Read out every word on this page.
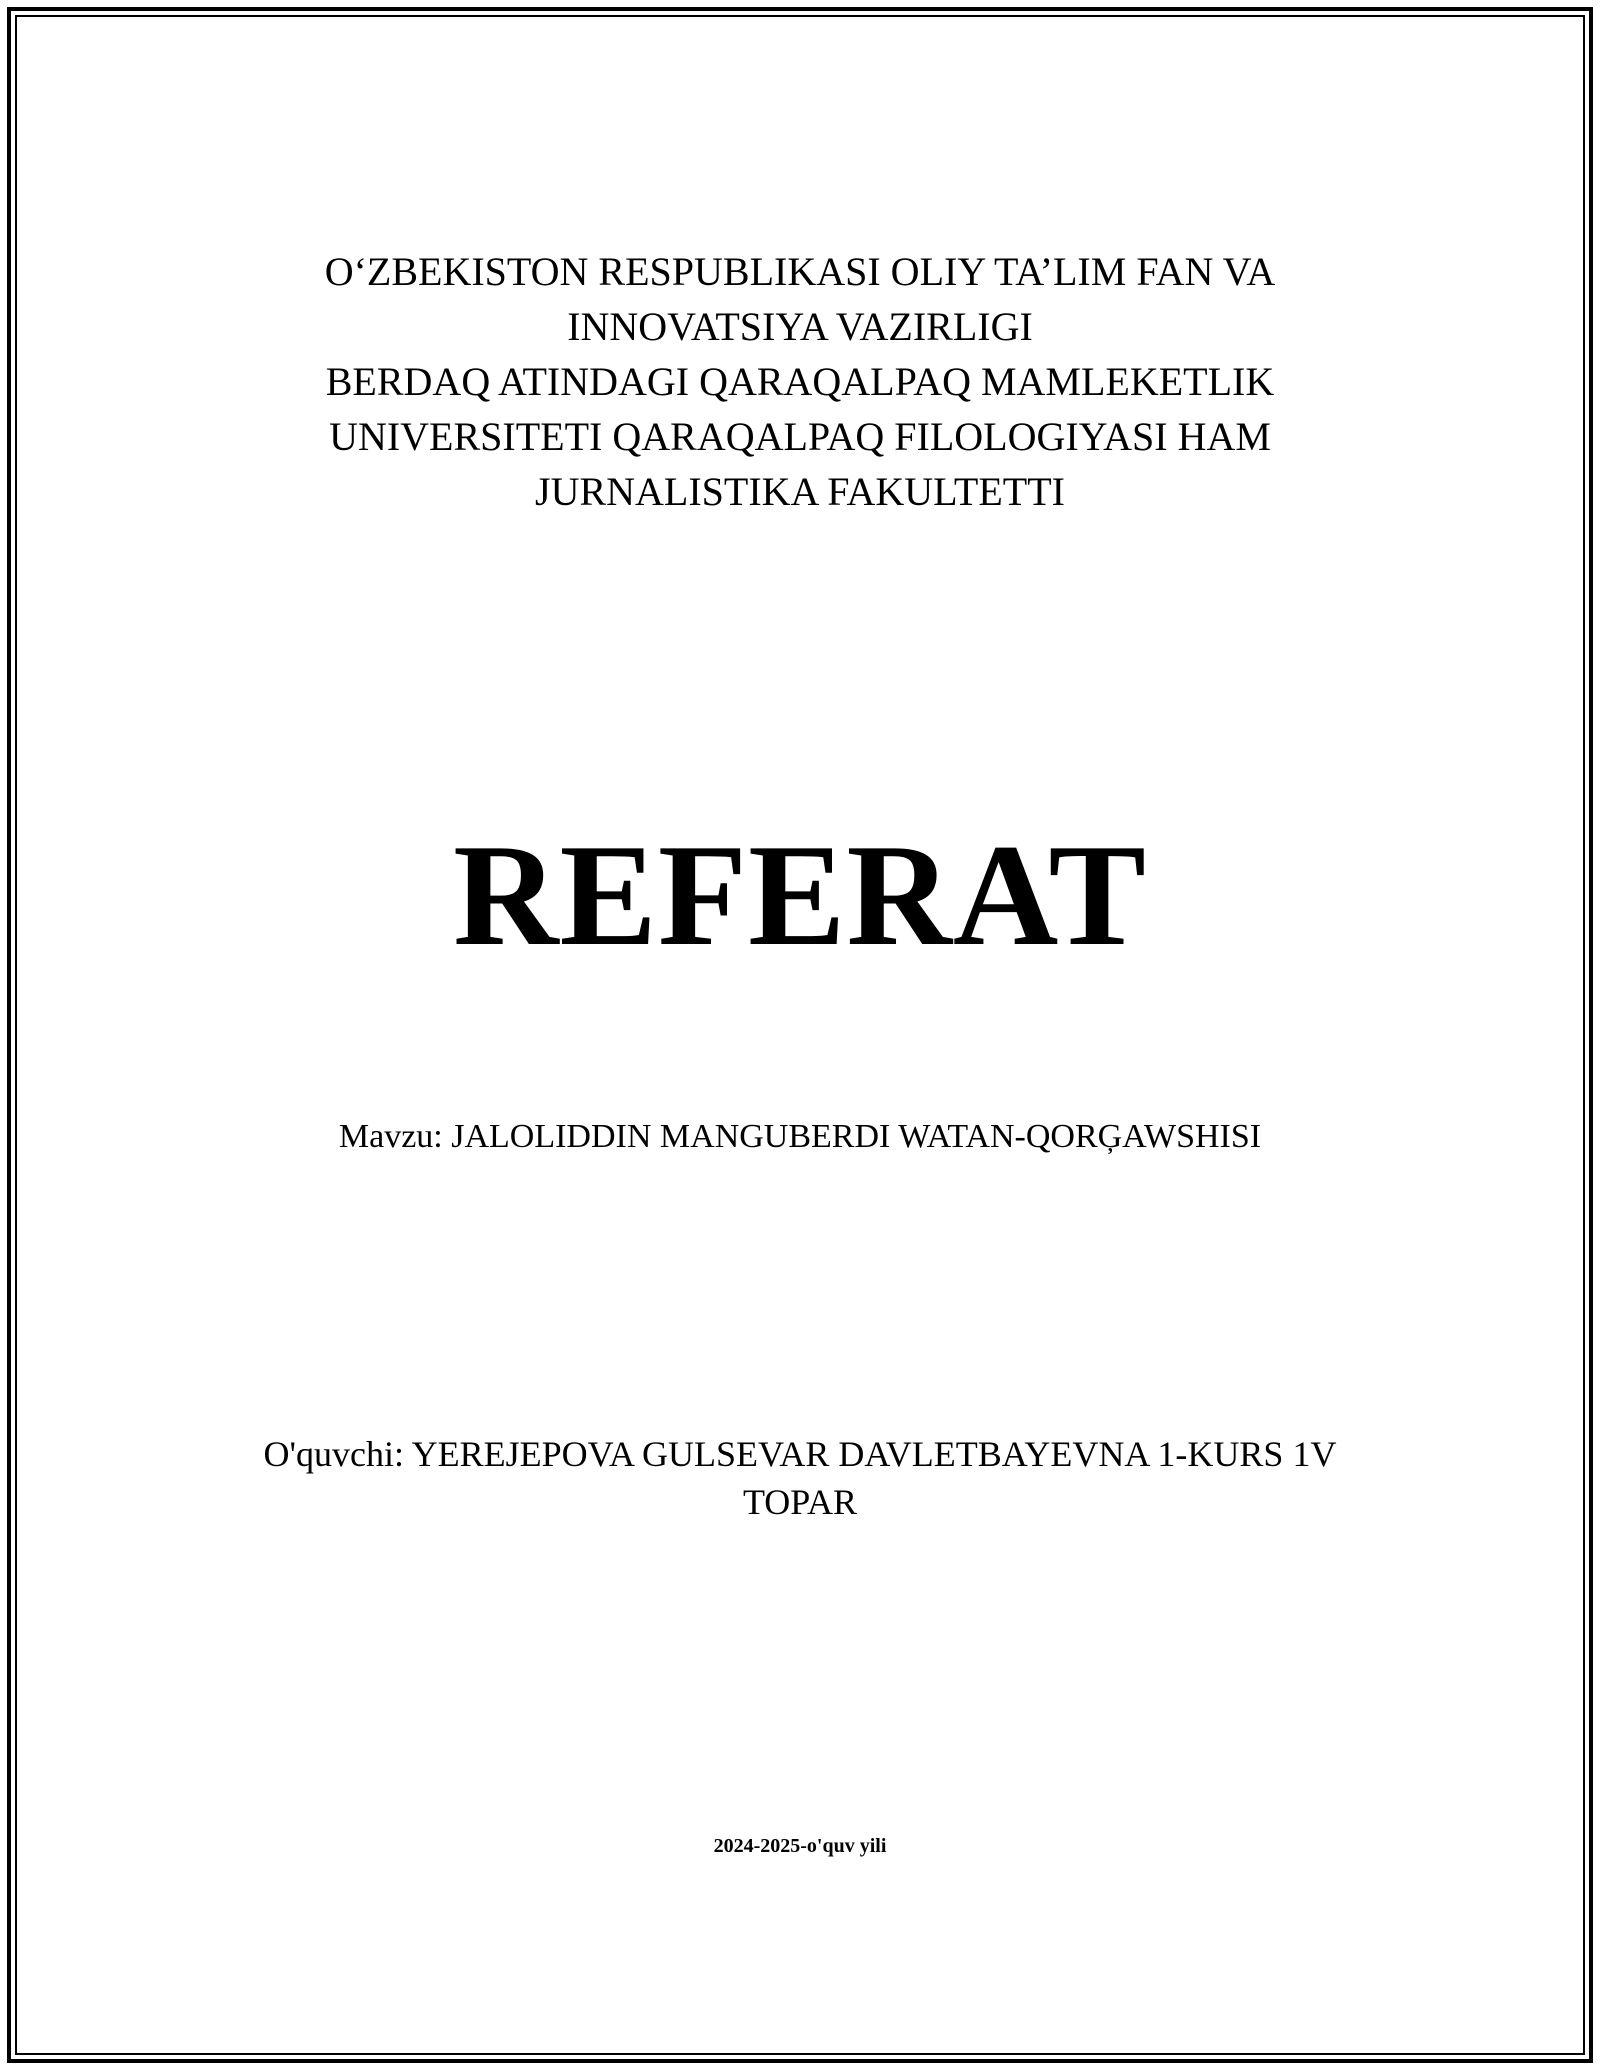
O‘ZBEKISTON RESPUBLIKASI OLIY TA’LIM FAN VA
INNOVATSIYA VAZIRLIGI
BERDAQ ATINDAGI QARAQALPAQ MAMLEKETLIK
UNIVERSITETI QARAQALPAQ FILOLOGIYASI HAM
JURNALISTIKA FAKULTETTI
REFERAT
Mavzu: JALOLIDDIN MANGUBERDI WATAN-QORĢAWSHISI
O'quvchi: YEREJEPOVA GULSEVAR DAVLETBAYEVNA 1-KURS 1V
TOPAR
2024-2025-o'quv yili
